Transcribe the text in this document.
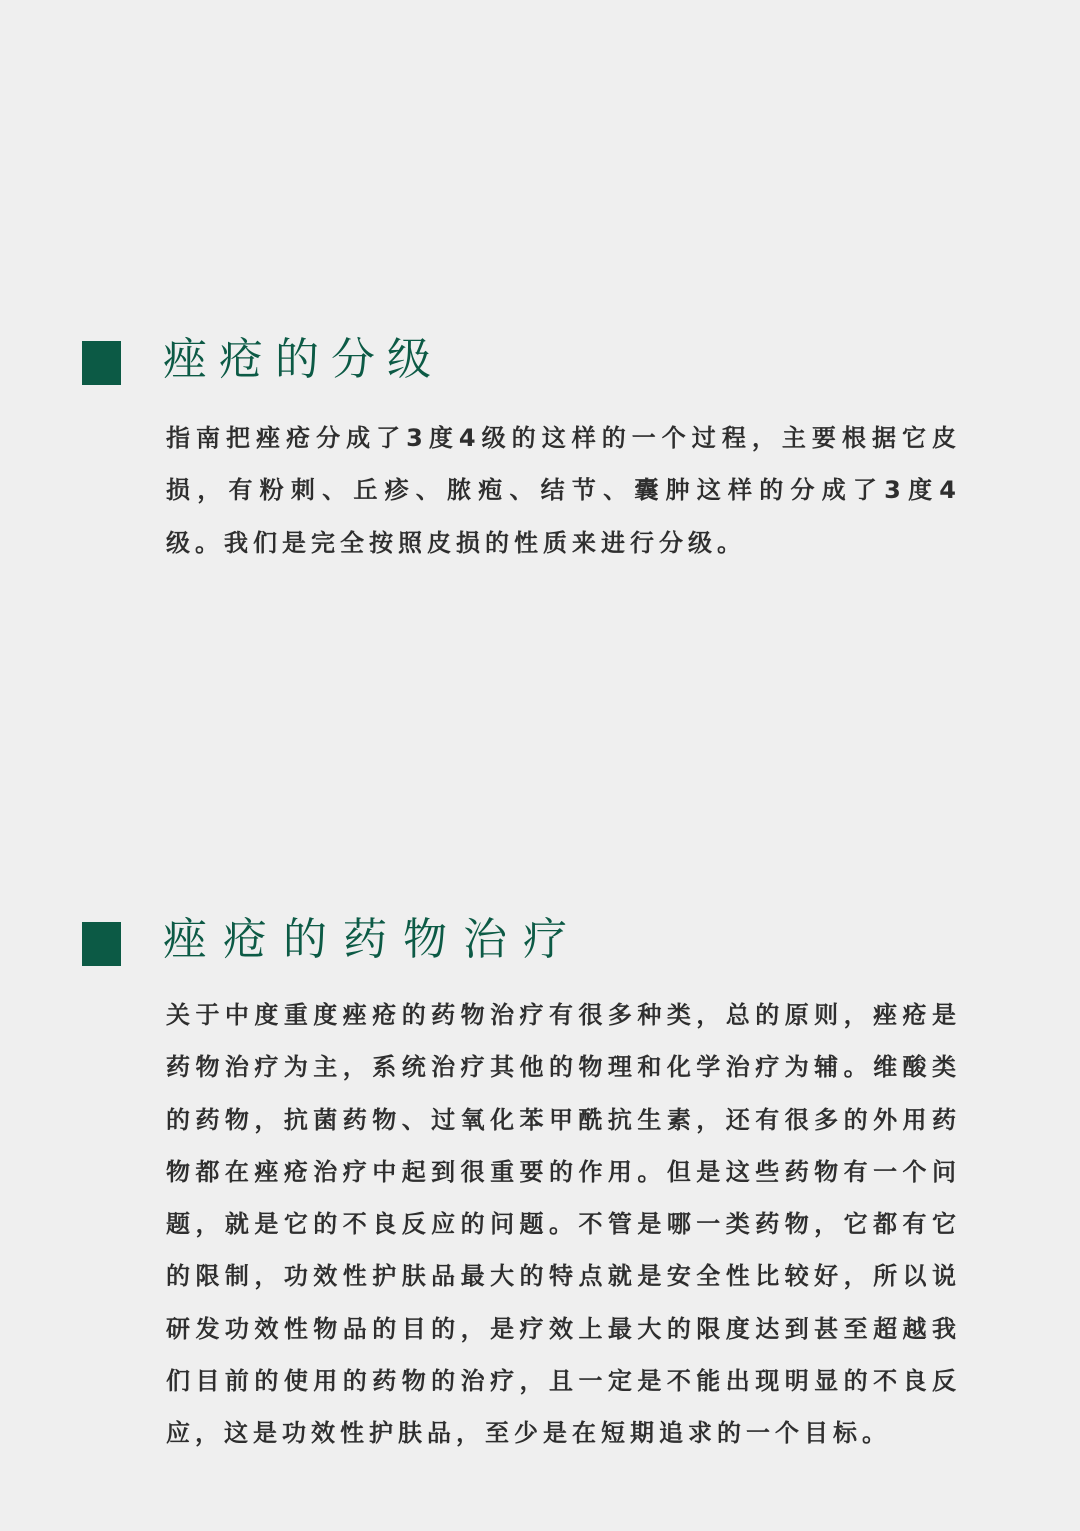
痤疮的分级

指南把痤疮分成了3度4级的这样的一个过程，主要根据它皮损，有粉刺、丘疹、脓疱、结节、囊肿这样的分成了3度4级。我们是完全按照皮损的性质来进行分级。

痤疮的药物治疗

关于中度重度痤疮的药物治疗有很多种类，总的原则，痤疮是药物治疗为主，系统治疗其他的物理和化学治疗为辅。维酸类的药物，抗菌药物、过氧化苯甲酰抗生素，还有很多的外用药物都在痤疮治疗中起到很重要的作用。但是这些药物有一个问题，就是它的不良反应的问题。不管是哪一类药物，它都有它的限制，功效性护肤品最大的特点就是安全性比较好，所以说研发功效性物品的目的，是疗效上最大的限度达到甚至超越我们目前的使用的药物的治疗，且一定是不能出现明显的不良反应，这是功效性护肤品，至少是在短期追求的一个目标。
